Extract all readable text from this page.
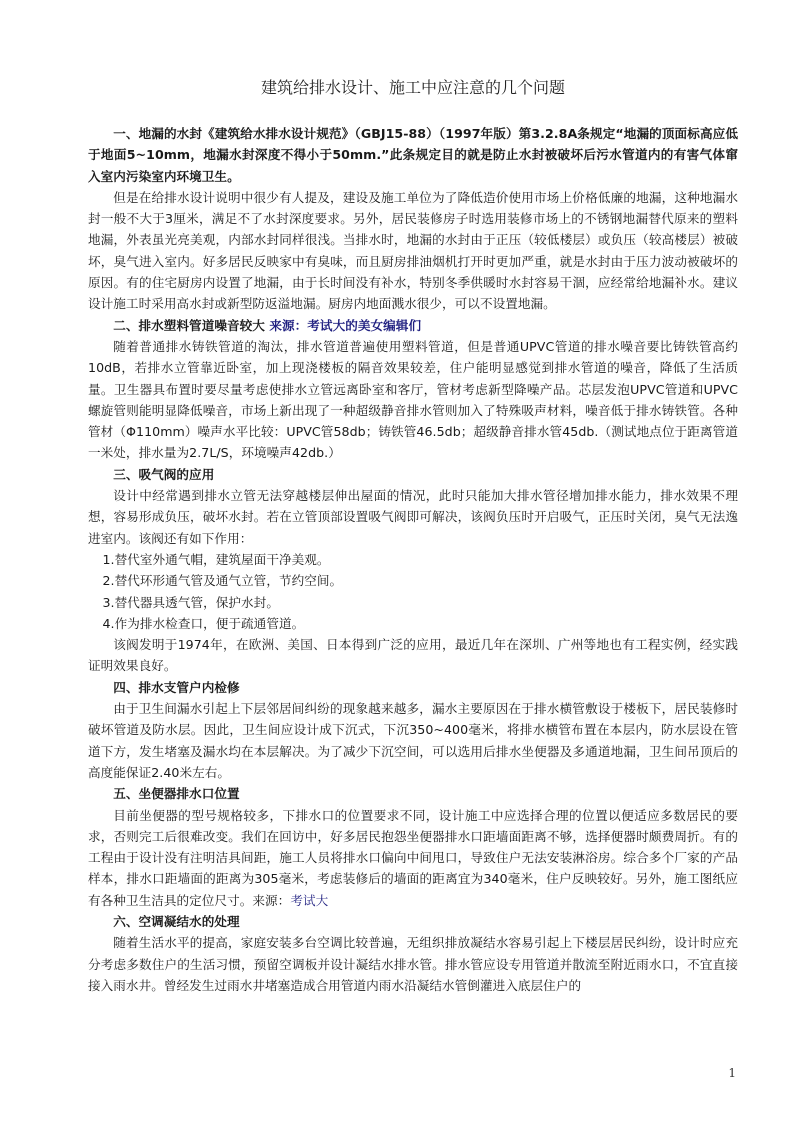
建筑给排水设计、施工中应注意的几个问题

一、地漏的水封《建筑给水排水设计规范》（GBJ15-88）（1997年版）第3.2.8A条规定“地漏的顶面标高应低于地面5~10mm，地漏水封深度不得小于50mm.”此条规定目的就是防止水封被破坏后污水管道内的有害气体窜入室内污染室内环境卫生。

但是在给排水设计说明中很少有人提及，建设及施工单位为了降低造价使用市场上价格低廉的地漏，这种地漏水封一般不大于3厘米，满足不了水封深度要求。另外，居民装修房子时选用装修市场上的不锈钢地漏替代原来的塑料地漏，外表虽光亮美观，内部水封同样很浅。当排水时，地漏的水封由于正压（较低楼层）或负压（较高楼层）被破坏，臭气进入室内。好多居民反映家中有臭味，而且厨房排油烟机打开时更加严重，就是水封由于压力波动被破坏的原因。有的住宅厨房内设置了地漏，由于长时间没有补水，特别冬季供暖时水封容易干涸，应经常给地漏补水。建议设计施工时采用高水封或新型防返溢地漏。厨房内地面溅水很少，可以不设置地漏。

二、排水塑料管道噪音较大 来源：考试大的美女编辑们

随着普通排水铸铁管道的淘汰，排水管道普遍使用塑料管道，但是普通UPVC管道的排水噪音要比铸铁管高约10dB，若排水立管靠近卧室，加上现浇楼板的隔音效果较差，住户能明显感觉到排水管道的噪音，降低了生活质量。卫生器具布置时要尽量考虑使排水立管远离卧室和客厅，管材考虑新型降噪产品。芯层发泡UPVC管道和UPVC螺旋管则能明显降低噪音，市场上新出现了一种超级静音排水管则加入了特殊吸声材料，噪音低于排水铸铁管。各种管材（Φ110mm）噪声水平比较：UPVC管58db；铸铁管46.5db；超级静音排水管45db.（测试地点位于距离管道一米处，排水量为2.7L/S，环境噪声42db.）

三、吸气阀的应用

设计中经常遇到排水立管无法穿越楼层伸出屋面的情况，此时只能加大排水管径增加排水能力，排水效果不理想，容易形成负压，破坏水封。若在立管顶部设置吸气阀即可解决，该阀负压时开启吸气，正压时关闭，臭气无法逸进室内。该阀还有如下作用：

1.替代室外通气帽，建筑屋面干净美观。

2.替代环形通气管及通气立管，节约空间。

3.替代器具透气管，保护水封。

4.作为排水检查口，便于疏通管道。

该阀发明于1974年，在欧洲、美国、日本得到广泛的应用，最近几年在深圳、广州等地也有工程实例，经实践证明效果良好。

四、排水支管户内检修

由于卫生间漏水引起上下层邻居间纠纷的现象越来越多，漏水主要原因在于排水横管敷设于楼板下，居民装修时破坏管道及防水层。因此，卫生间应设计成下沉式，下沉350~400毫米，将排水横管布置在本层内，防水层设在管道下方，发生堵塞及漏水均在本层解决。为了减少下沉空间，可以选用后排水坐便器及多通道地漏，卫生间吊顶后的高度能保证2.40米左右。

五、坐便器排水口位置

目前坐便器的型号规格较多，下排水口的位置要求不同，设计施工中应选择合理的位置以便适应多数居民的要求，否则完工后很难改变。我们在回访中，好多居民抱怨坐便器排水口距墙面距离不够，选择便器时颇费周折。有的工程由于设计没有注明洁具间距，施工人员将排水口偏向中间甩口，导致住户无法安装淋浴房。综合多个厂家的产品样本，排水口距墙面的距离为305毫米，考虑装修后的墙面的距离宜为340毫米，住户反映较好。另外，施工图纸应有各种卫生洁具的定位尺寸。来源：考试大

六、空调凝结水的处理

随着生活水平的提高，家庭安装多台空调比较普遍，无组织排放凝结水容易引起上下楼层居民纠纷，设计时应充分考虑多数住户的生活习惯，预留空调板并设计凝结水排水管。排水管应设专用管道并散流至附近雨水口，不宜直接接入雨水井。曾经发生过雨水井堵塞造成合用管道内雨水沿凝结水管倒灌进入底层住户的

1
